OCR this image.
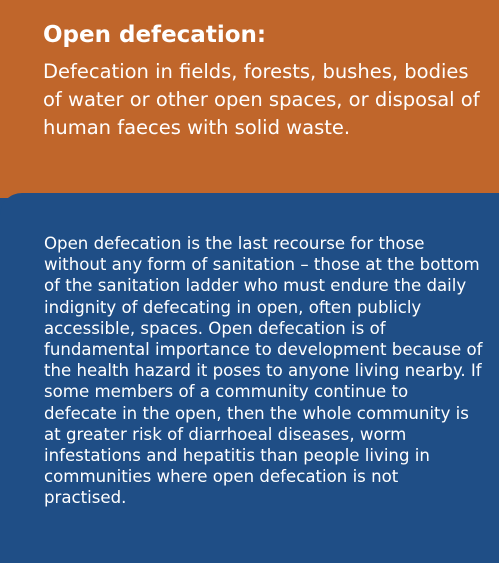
Open defecation:

Defecation in fields, forests, bushes, bodies of water or other open spaces, or disposal of human faeces with solid waste.

Open defecation is the last recourse for those without any form of sanitation – those at the bottom of the sanitation ladder who must endure the daily indignity of defecating in open, often publicly accessible, spaces. Open defecation is of fundamental importance to development because of the health hazard it poses to anyone living nearby. If some members of a community continue to defecate in the open, then the whole community is at greater risk of diarrhoeal diseases, worm infestations and hepatitis than people living in communities where open defecation is not practised.
